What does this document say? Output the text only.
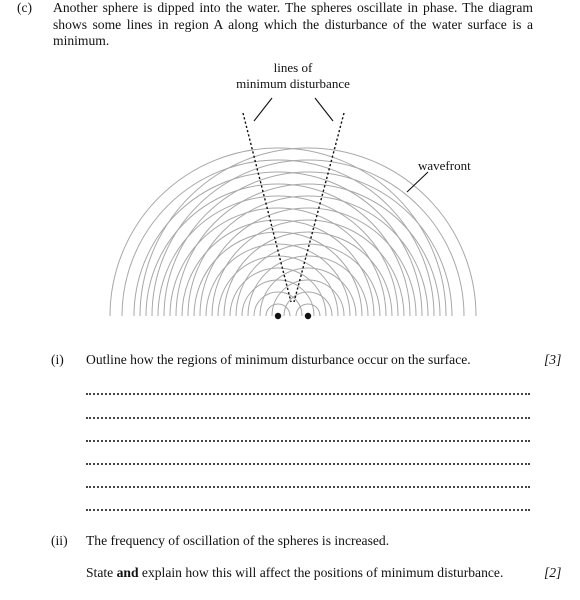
(c) Another sphere is dipped into the water. The spheres oscillate in phase. The diagram
shows some lines in region A along which the disturbance of the water surface is a
minimum.
lines of
minimum disturbance
wavefront
(i) Outline how the regions of minimum disturbance occur on the surface.	[3]
(ii) The frequency of oscillation of the spheres is increased.
State and explain how this will affect the positions of minimum disturbance.	[2]
